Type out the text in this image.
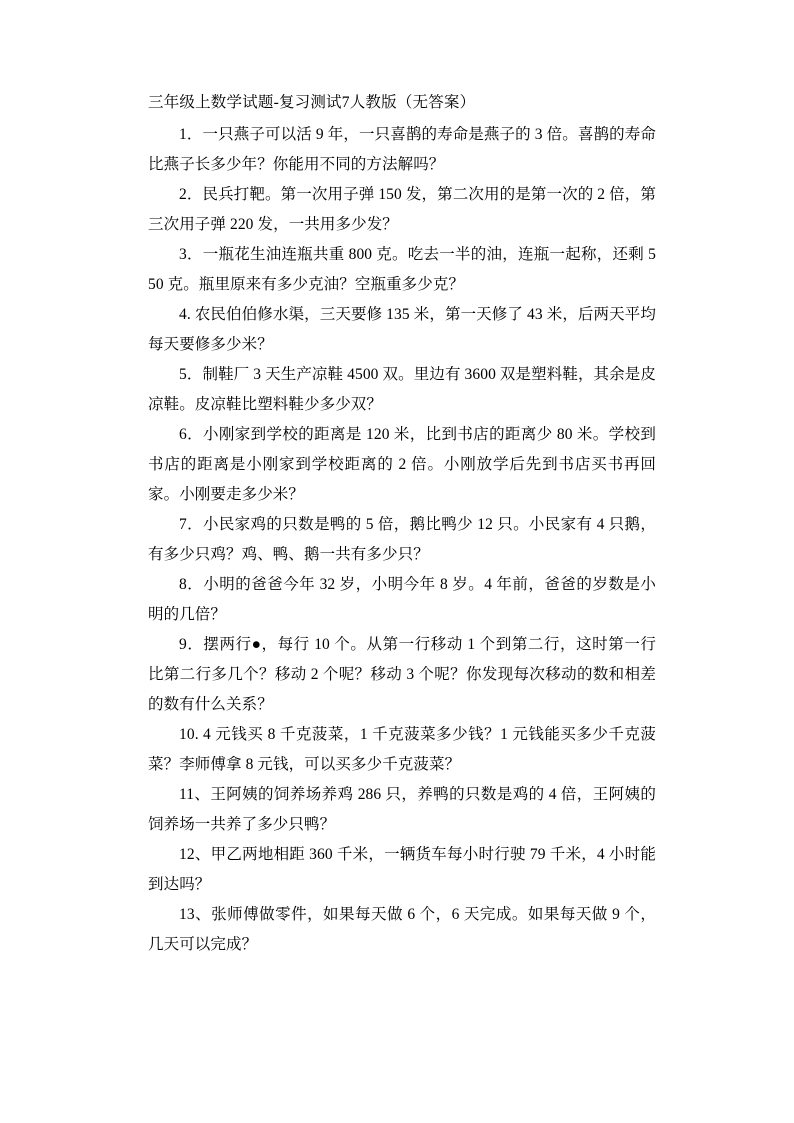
三年级上数学试题-复习测试7人教版（无答案）

1．一只燕子可以活 9 年，一只喜鹊的寿命是燕子的 3 倍。喜鹊的寿命比燕子长多少年？你能用不同的方法解吗？

2．民兵打靶。第一次用子弹 150 发，第二次用的是第一次的 2 倍，第三次用子弹 220 发，一共用多少发？

3．一瓶花生油连瓶共重 800 克。吃去一半的油，连瓶一起称，还剩 550 克。瓶里原来有多少克油？空瓶重多少克？

4. 农民伯伯修水渠，三天要修 135 米，第一天修了 43 米，后两天平均每天要修多少米？

5．制鞋厂 3 天生产凉鞋 4500 双。里边有 3600 双是塑料鞋，其余是皮凉鞋。皮凉鞋比塑料鞋少多少双？

6．小刚家到学校的距离是 120 米，比到书店的距离少 80 米。学校到书店的距离是小刚家到学校距离的 2 倍。小刚放学后先到书店买书再回家。小刚要走多少米？

7．小民家鸡的只数是鸭的 5 倍，鹅比鸭少 12 只。小民家有 4 只鹅，有多少只鸡？鸡、鸭、鹅一共有多少只？

8．小明的爸爸今年 32 岁，小明今年 8 岁。4 年前，爸爸的岁数是小明的几倍？

9．摆两行●，每行 10 个。从第一行移动 1 个到第二行，这时第一行比第二行多几个？移动 2 个呢？移动 3 个呢？你发现每次移动的数和相差的数有什么关系？

10. 4 元钱买 8 千克菠菜，1 千克菠菜多少钱？1 元钱能买多少千克菠菜？李师傅拿 8 元钱，可以买多少千克菠菜？

11、王阿姨的饲养场养鸡 286 只，养鸭的只数是鸡的 4 倍，王阿姨的饲养场一共养了多少只鸭？

12、甲乙两地相距 360 千米，一辆货车每小时行驶 79 千米，4 小时能到达吗？

13、张师傅做零件，如果每天做 6 个，6 天完成。如果每天做 9 个，几天可以完成？
